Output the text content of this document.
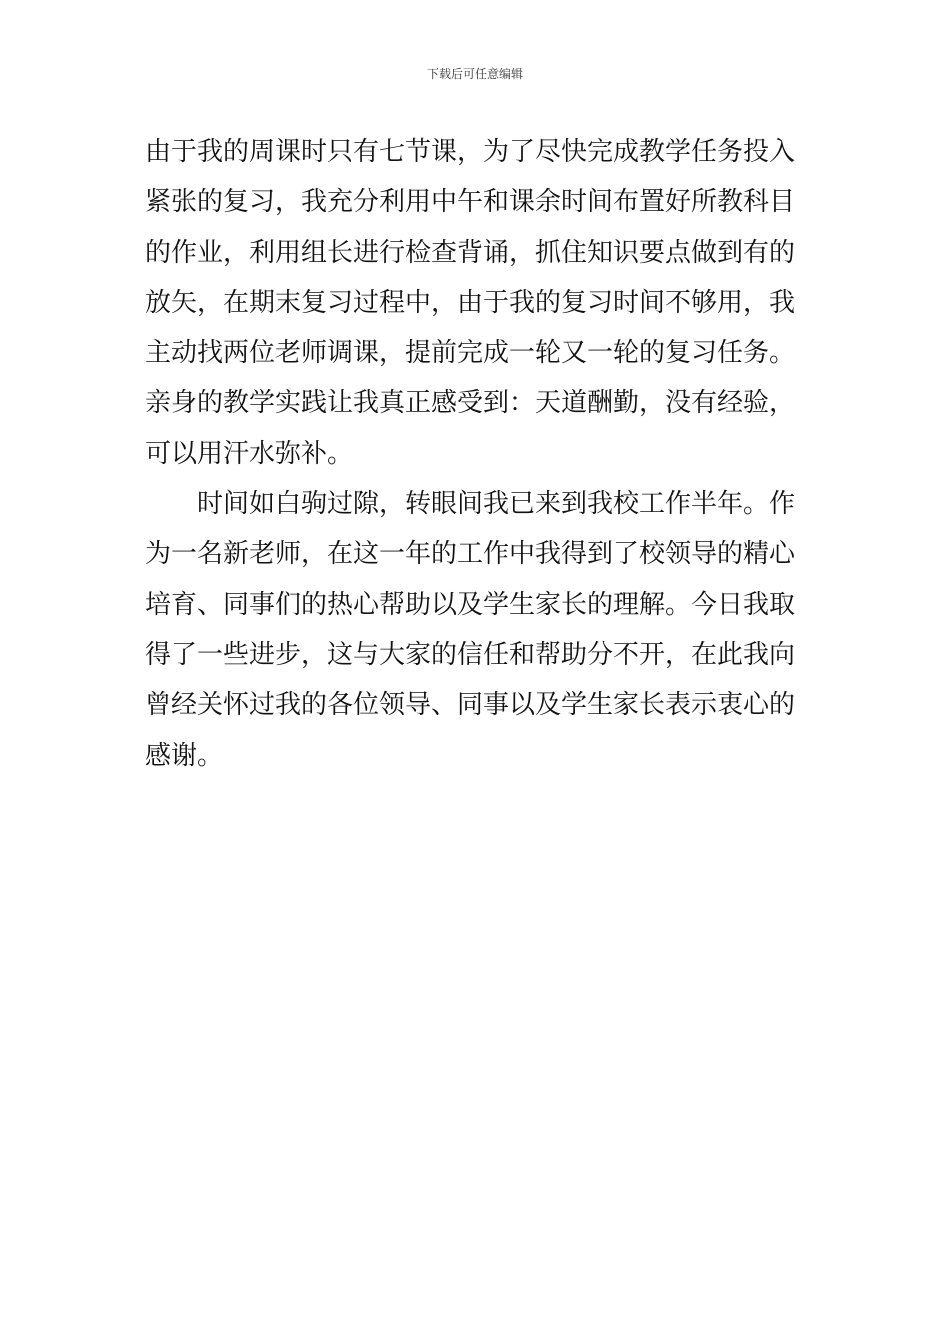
下载后可任意编辑
由于我的周课时只有七节课，为了尽快完成教学任务投入
紧张的复习，我充分利用中午和课余时间布置好所教科目
的作业，利用组长进行检查背诵，抓住知识要点做到有的
放矢，在期末复习过程中，由于我的复习时间不够用，我
主动找两位老师调课，提前完成一轮又一轮的复习任务。
亲身的教学实践让我真正感受到：天道酬勤，没有经验，
可以用汗水弥补。
时间如白驹过隙，转眼间我已来到我校工作半年。作
为一名新老师，在这一年的工作中我得到了校领导的精心
培育、同事们的热心帮助以及学生家长的理解。今日我取
得了一些进步，这与大家的信任和帮助分不开，在此我向
曾经关怀过我的各位领导、同事以及学生家长表示衷心的
感谢。
